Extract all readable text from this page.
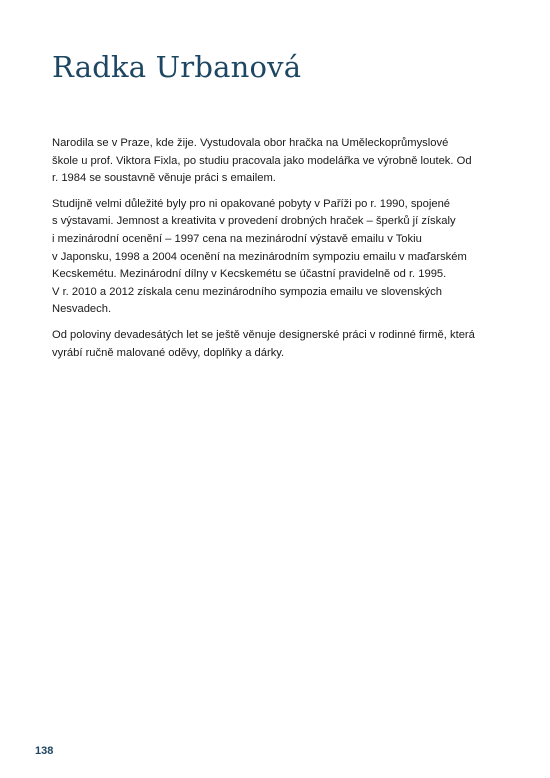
Radka Urbanová

Narodila se v Praze, kde žije. Vystudovala obor hračka na Uměleckoprůmyslové
škole u prof. Viktora Fixla, po studiu pracovala jako modelářka ve výrobně loutek. Od
r. 1984 se soustavně věnuje práci s emailem.

Studijně velmi důležité byly pro ni opakované pobyty v Paříži po r. 1990, spojené
s výstavami. Jemnost a kreativita v provedení drobných hraček – šperků jí získaly
i mezinárodní ocenění – 1997 cena na mezinárodní výstavě emailu v Tokiu
v Japonsku, 1998 a 2004 ocenění na mezinárodním sympoziu emailu v maďarském
Kecskemétu. Mezinárodní dílny v Kecskemétu se účastní pravidelně od r. 1995.
V r. 2010 a 2012 získala cenu mezinárodního sympozia emailu ve slovenských
Nesvadech.

Od poloviny devadesátých let se ještě věnuje designerské práci v rodinné firmě, která
vyrábí ručně malované oděvy, doplňky a dárky.

138
